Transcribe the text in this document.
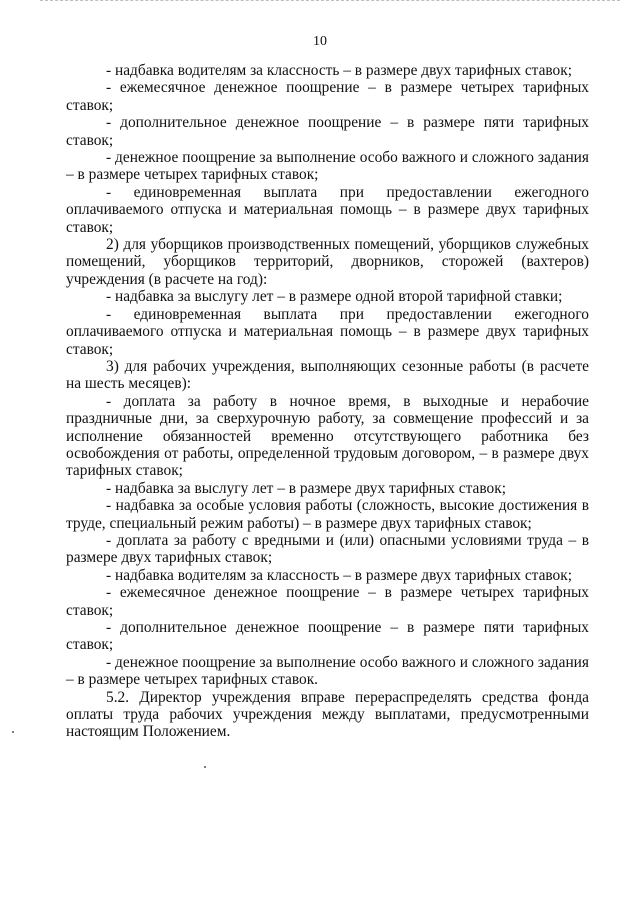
10

- надбавка водителям за классность – в размере двух тарифных ставок;

- ежемесячное денежное поощрение – в размере четырех тарифных ставок;

- дополнительное денежное поощрение – в размере пяти тарифных ставок;

- денежное поощрение за выполнение особо важного и сложного задания – в размере четырех тарифных ставок;

- единовременная выплата при предоставлении ежегодного оплачиваемого отпуска и материальная помощь – в размере двух тарифных ставок;

2) для уборщиков производственных помещений, уборщиков служебных помещений, уборщиков территорий, дворников, сторожей (вахтеров) учреждения (в расчете на год):

- надбавка за выслугу лет – в размере одной второй тарифной ставки;

- единовременная выплата при предоставлении ежегодного оплачиваемого отпуска и материальная помощь – в размере двух тарифных ставок;

3) для рабочих учреждения, выполняющих сезонные работы (в расчете на шесть месяцев):

- доплата за работу в ночное время, в выходные и нерабочие праздничные дни, за сверхурочную работу, за совмещение профессий и за исполнение обязанностей временно отсутствующего работника без освобождения от работы, определенной трудовым договором, – в размере двух тарифных ставок;

- надбавка за выслугу лет – в размере двух тарифных ставок;

- надбавка за особые условия работы (сложность, высокие достижения в труде, специальный режим работы) – в размере двух тарифных ставок;

- доплата за работу с вредными и (или) опасными условиями труда – в размере двух тарифных ставок;

- надбавка водителям за классность – в размере двух тарифных ставок;

- ежемесячное денежное поощрение – в размере четырех тарифных ставок;

- дополнительное денежное поощрение – в размере пяти тарифных ставок;

- денежное поощрение за выполнение особо важного и сложного задания – в размере четырех тарифных ставок.

5.2. Директор учреждения вправе перераспределять средства фонда оплаты труда рабочих учреждения между выплатами, предусмотренными настоящим Положением.
